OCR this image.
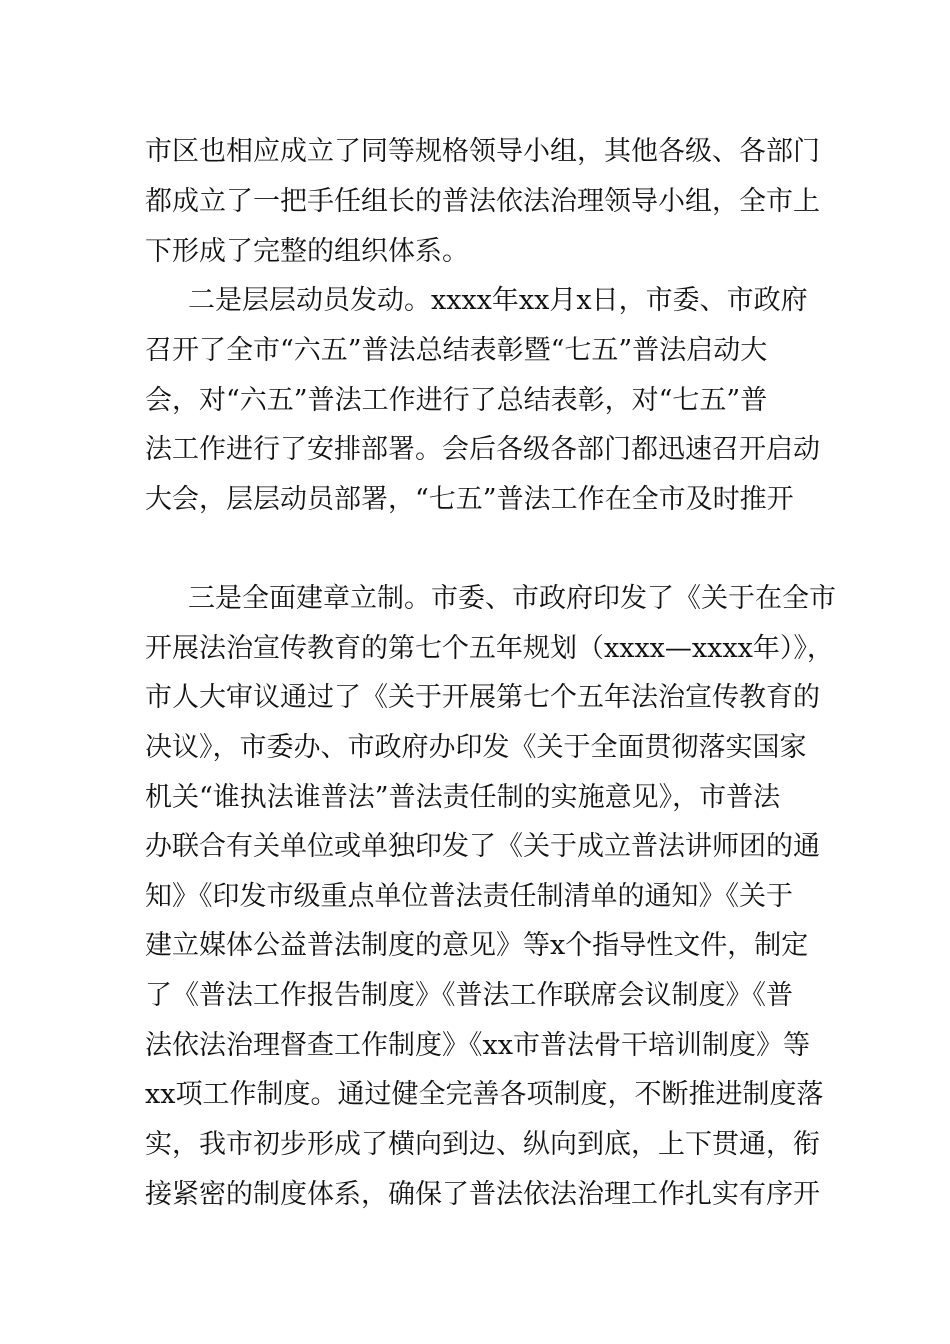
市区也相应成立了同等规格领导小组，其他各级、各部门
都成立了一把手任组长的普法依法治理领导小组，全市上
下形成了完整的组织体系。
二是层层动员发动。xxxx年xx月x日，市委、市政府
召开了全市“六五”普法总结表彰暨“七五”普法启动大
会，对“六五”普法工作进行了总结表彰，对“七五”普
法工作进行了安排部署。会后各级各部门都迅速召开启动
大会，层层动员部署，“七五”普法工作在全市及时推开
三是全面建章立制。市委、市政府印发了《关于在全市
开展法治宣传教育的第七个五年规划（xxxx—xxxx年）》，
市人大审议通过了《关于开展第七个五年法治宣传教育的
决议》，市委办、市政府办印发《关于全面贯彻落实国家
机关“谁执法谁普法”普法责任制的实施意见》，市普法
办联合有关单位或单独印发了《关于成立普法讲师团的通
知》《印发市级重点单位普法责任制清单的通知》《关于
建立媒体公益普法制度的意见》等x个指导性文件，制定
了《普法工作报告制度》《普法工作联席会议制度》《普
法依法治理督查工作制度》《xx市普法骨干培训制度》等
xx项工作制度。通过健全完善各项制度，不断推进制度落
实，我市初步形成了横向到边、纵向到底，上下贯通，衔
接紧密的制度体系，确保了普法依法治理工作扎实有序开
